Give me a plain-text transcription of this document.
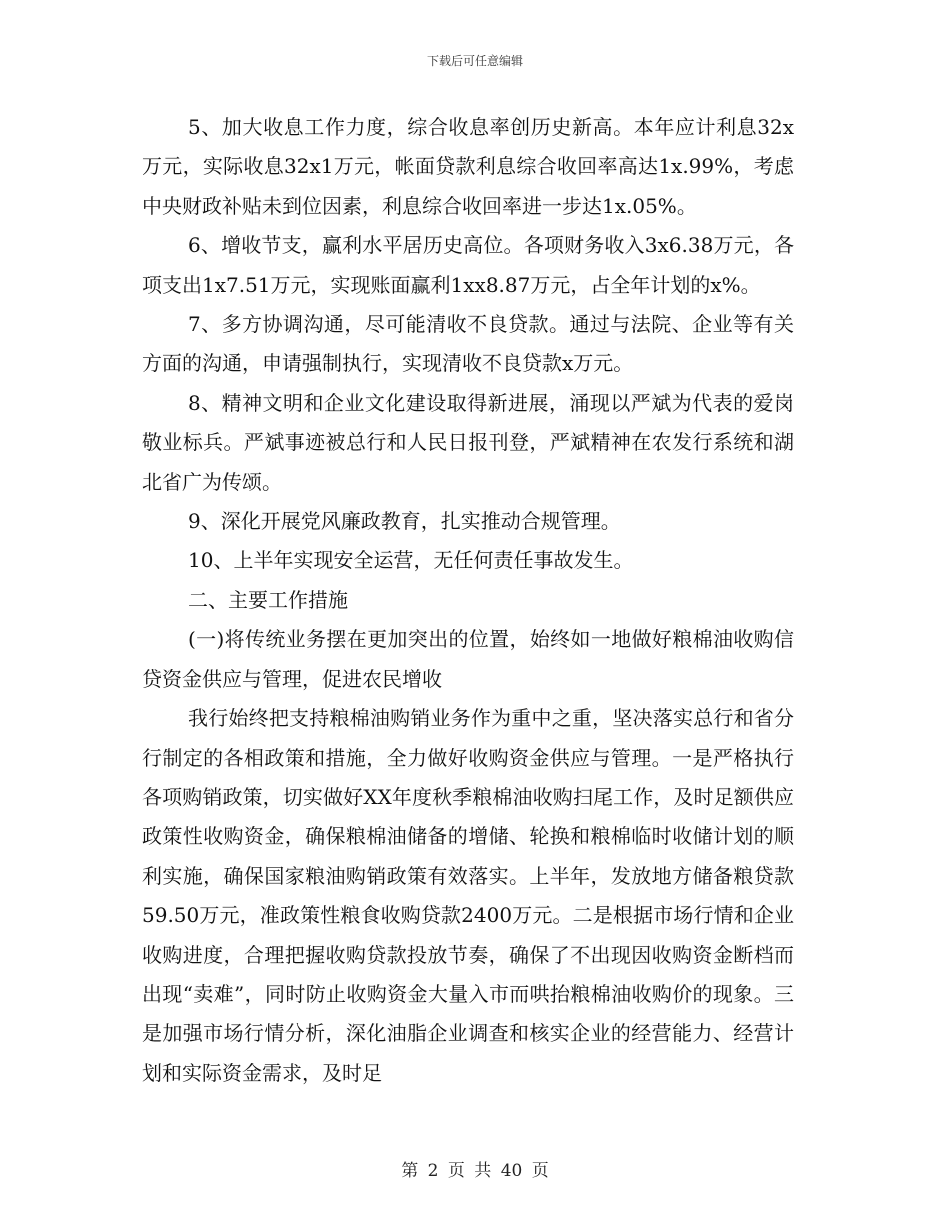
下载后可任意编辑

5、加大收息工作力度，综合收息率创历史新高。本年应计利息32x万元，实际收息32x1万元，帐面贷款利息综合收回率高达1x.99%，考虑中央财政补贴未到位因素，利息综合收回率进一步达1x.05%。

6、增收节支，赢利水平居历史高位。各项财务收入3x6.38万元，各项支出1x7.51万元，实现账面赢利1xx8.87万元，占全年计划的x%。

7、多方协调沟通，尽可能清收不良贷款。通过与法院、企业等有关方面的沟通，申请强制执行，实现清收不良贷款x万元。

8、精神文明和企业文化建设取得新进展，涌现以严斌为代表的爱岗敬业标兵。严斌事迹被总行和人民日报刊登，严斌精神在农发行系统和湖北省广为传颂。

9、深化开展党风廉政教育，扎实推动合规管理。

10、上半年实现安全运营，无任何责任事故发生。

二、主要工作措施

(一)将传统业务摆在更加突出的位置，始终如一地做好粮棉油收购信贷资金供应与管理，促进农民增收

我行始终把支持粮棉油购销业务作为重中之重，坚决落实总行和省分行制定的各相政策和措施，全力做好收购资金供应与管理。一是严格执行各项购销政策，切实做好XX年度秋季粮棉油收购扫尾工作，及时足额供应政策性收购资金，确保粮棉油储备的增储、轮换和粮棉临时收储计划的顺利实施，确保国家粮油购销政策有效落实。上半年，发放地方储备粮贷款59.50万元，准政策性粮食收购贷款2400万元。二是根据市场行情和企业收购进度，合理把握收购贷款投放节奏，确保了不出现因收购资金断档而出现“卖难”，同时防止收购资金大量入市而哄抬粮棉油收购价的现象。三是加强市场行情分析，深化油脂企业调查和核实企业的经营能力、经营计划和实际资金需求，及时足

第 2 页 共 40 页
